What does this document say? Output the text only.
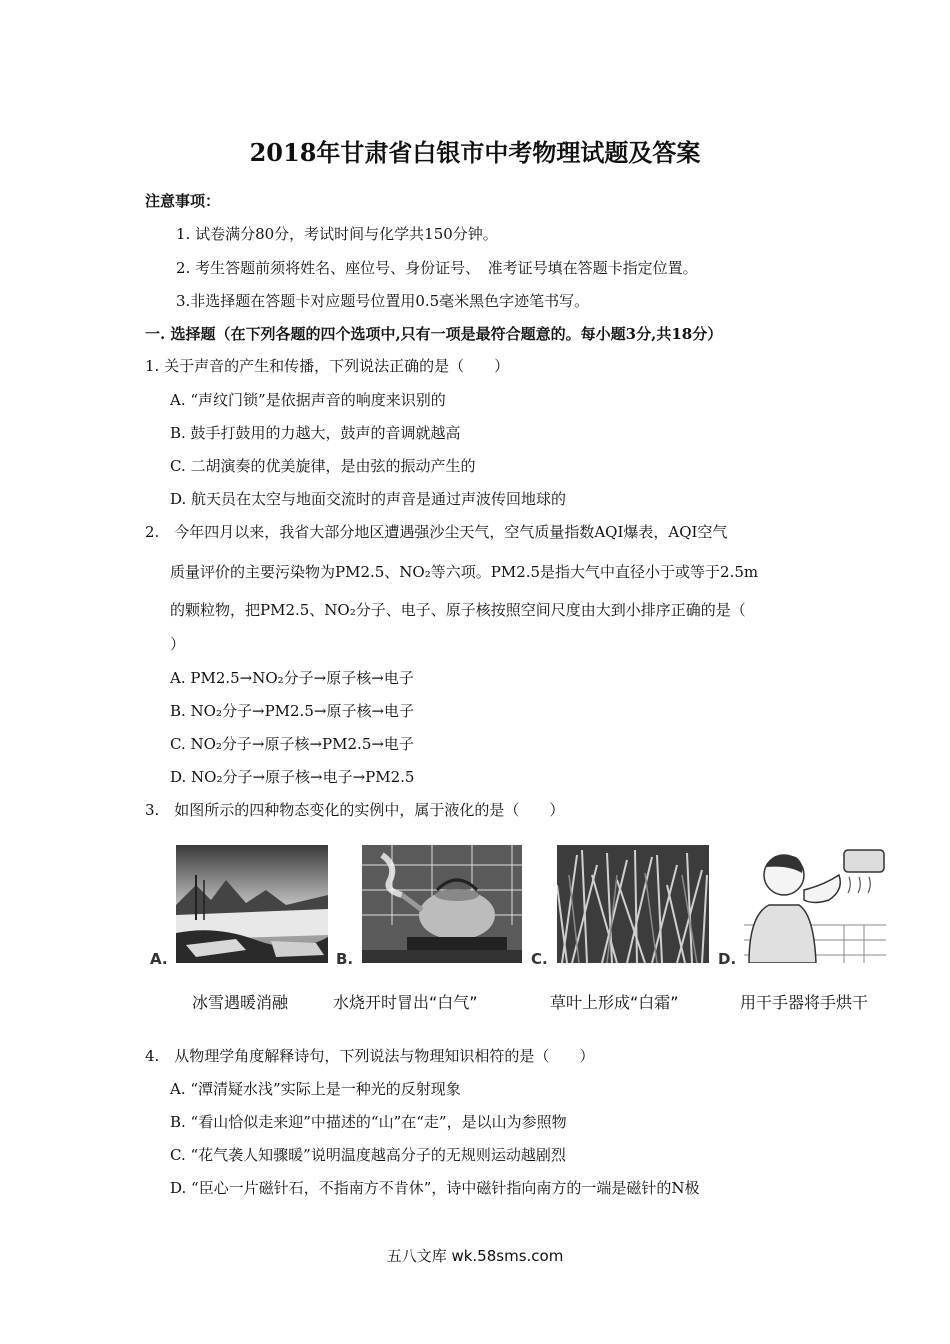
2018年甘肃省白银市中考物理试题及答案
注意事项：
1. 试卷满分80分，考试时间与化学共150分钟。
2. 考生答题前须将姓名、座位号、身份证号、　准考证号填在答题卡指定位置。
3.非选择题在答题卡对应题号位置用0.5毫米黑色字迹笔书写。
一. 选择题（在下列各题的四个选项中,只有一项是最符合题意的。每小题3分,共18分）
1. 关于声音的产生和传播，下列说法正确的是（　　）
A. “声纹门锁”是依据声音的响度来识别的
B. 鼓手打鼓用的力越大，鼓声的音调就越高
C. 二胡演奏的优美旋律，是由弦的振动产生的
D. 航天员在太空与地面交流时的声音是通过声波传回地球的
2.　今年四月以来，我省大部分地区遭遇强沙尘天气，空气质量指数AQI爆表，AQI空气
质量评价的主要污染物为PM2.5、NO₂等六项。PM2.5是指大气中直径小于或等于2.5m
的颗粒物，把PM2.5、NO₂分子、电子、原子核按照空间尺度由大到小排序正确的是（
）
A. PM2.5→NO₂分子→原子核→电子
B. NO₂分子→PM2.5→原子核→电子
C. NO₂分子→原子核→PM2.5→电子
D. NO₂分子→原子核→电子→PM2.5
3.　如图所示的四种物态变化的实例中，属于液化的是（　　）
A.	B.	C.	D.
冰雪遇暖消融	水烧开时冒出“白气”	草叶上形成“白霜”	用干手器将手烘干
4.　从物理学角度解释诗句，下列说法与物理知识相符的是（　　）
A. “潭清疑水浅”实际上是一种光的反射现象
B. “看山恰似走来迎”中描述的“山”在“走”，是以山为参照物
C. “花气袭人知骤暖”说明温度越高分子的无规则运动越剧烈
D. “臣心一片磁针石，不指南方不肯休”，诗中磁针指向南方的一端是磁针的N极
五八文库 wk.58sms.com
